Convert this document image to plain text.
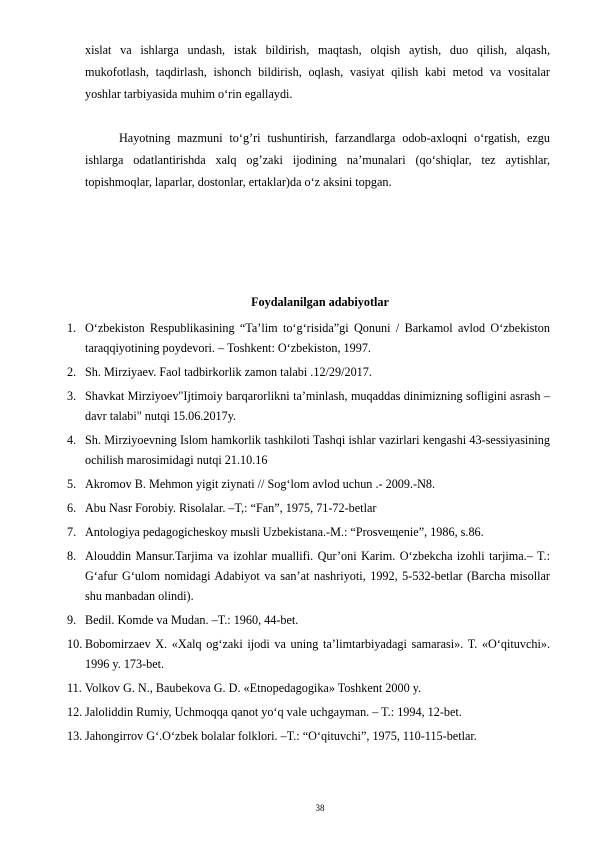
xislat va ishlarga undash, istak bildirish, maqtash, olqish aytish, duo qilish, alqash, mukofotlash, taqdirlash, ishonch bildirish, oqlash, vasiyat qilish kabi metod va vositalar yoshlar tarbiyasida muhim o‘rin egallaydi.
Hayotning mazmuni to‘g’ri tushuntirish, farzandlarga odob-axloqni o‘rgatish, ezgu ishlarga odatlantirishda xalq og’zaki ijodining na’munalari (qo‘shiqlar, tez aytishlar, topishmoqlar, laparlar, dostonlar, ertaklar)da o‘z aksini topgan.
Foydalanilgan adabiyotlar
1. O‘zbekiston Respublikasining “Ta’lim to‘g‘risida”gi Qonuni / Barkamol avlod O‘zbekiston taraqqiyotining poydevori. – Toshkent: O‘zbekiston, 1997.
2. Sh. Mirziyaev. Faol tadbirkorlik zamon talabi .12/29/2017.
3. Shavkat Mirziyoev"Ijtimoiy barqarorlikni ta’minlash, muqaddas dinimizning sofligini asrash – davr talabi" nutqi 15.06.2017y.
4. Sh. Mirziyoevning Islom hamkorlik tashkiloti Tashqi ishlar vazirlari kengashi 43-sessiyasining ochilish marosimidagi nutqi 21.10.16
5. Akromov B. Mehmon yigit ziynati // Sog‘lom avlod uchun .- 2009.-N8.
6. Abu Nasr Forobiy. Risolalar. –T,: “Fan”, 1975, 71-72-betlar
7. Antologiya pedagogicheskoy mыsli Uzbekistana.-M.: “Prosveщenie”, 1986, s.86.
8. Alouddin Mansur.Tarjima va izohlar muallifi. Qur’oni Karim. O‘zbekcha izohli tarjima.– T.: G‘afur G‘ulom nomidagi Adabiyot va san’at nashriyoti, 1992, 5-532-betlar (Barcha misollar shu manbadan olindi).
9. Bedil. Komde va Mudan. –T.: 1960, 44-bet.
10. Bobomirzaev X. «Xalq og‘zaki ijodi va uning ta’limtarbiyadagi samarasi». T. «O‘qituvchi». 1996 y. 173-bet.
11. Volkov G. N., Baubekova G. D. «Etnopedagogika» Toshkent 2000 y.
12. Jaloliddin Rumiy, Uchmoqqa qanot yo‘q vale uchgayman. – T.: 1994, 12-bet.
13. Jahongirrov G‘.O‘zbek bolalar folklori. –T.: “O‘qituvchi”, 1975, 110-115-betlar.
38
